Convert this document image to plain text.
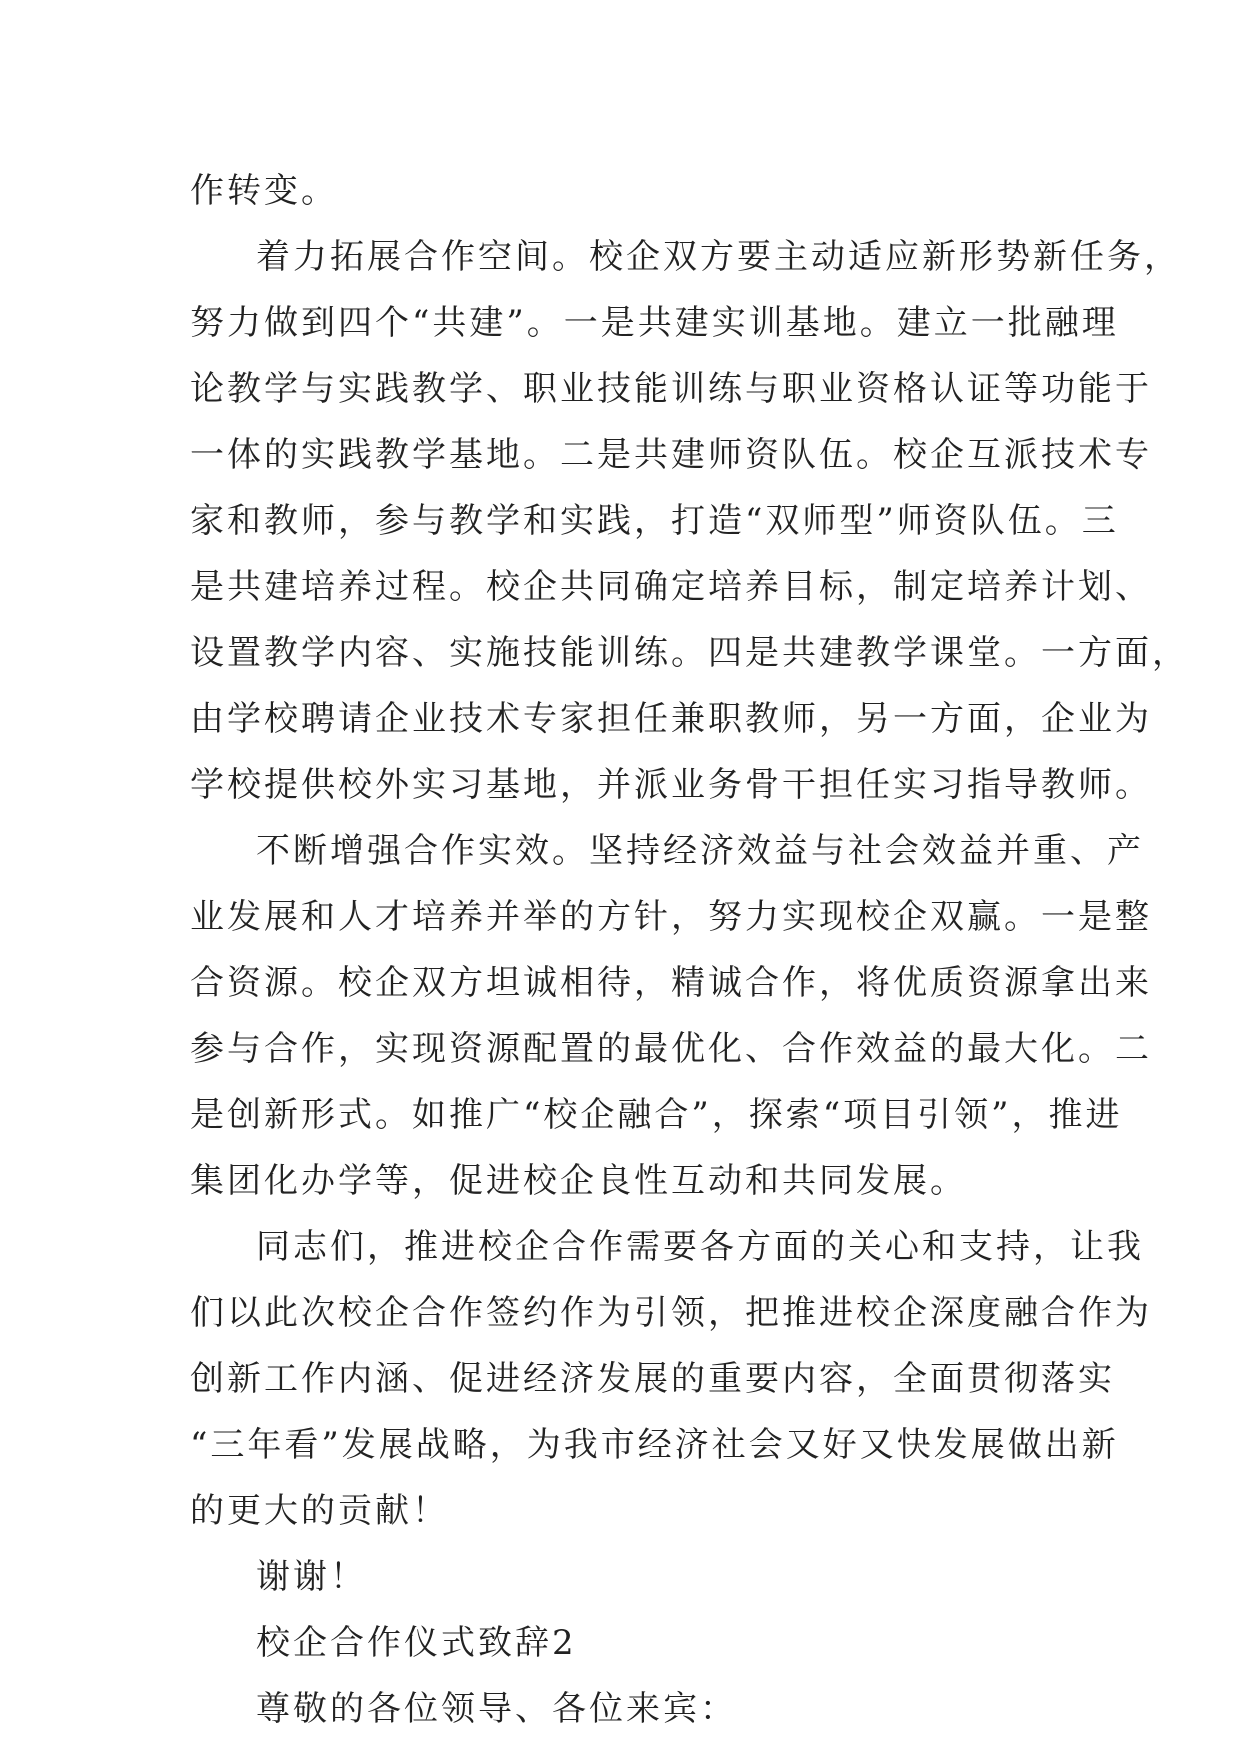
作转变。
着力拓展合作空间。校企双方要主动适应新形势新任务，
努力做到四个“共建”。一是共建实训基地。建立一批融理
论教学与实践教学、职业技能训练与职业资格认证等功能于
一体的实践教学基地。二是共建师资队伍。校企互派技术专
家和教师，参与教学和实践，打造“双师型”师资队伍。三
是共建培养过程。校企共同确定培养目标，制定培养计划、
设置教学内容、实施技能训练。四是共建教学课堂。一方面，
由学校聘请企业技术专家担任兼职教师，另一方面，企业为
学校提供校外实习基地，并派业务骨干担任实习指导教师。
不断增强合作实效。坚持经济效益与社会效益并重、产
业发展和人才培养并举的方针，努力实现校企双赢。一是整
合资源。校企双方坦诚相待，精诚合作，将优质资源拿出来
参与合作，实现资源配置的最优化、合作效益的最大化。二
是创新形式。如推广“校企融合”，探索“项目引领”，推进
集团化办学等，促进校企良性互动和共同发展。
同志们，推进校企合作需要各方面的关心和支持，让我
们以此次校企合作签约作为引领，把推进校企深度融合作为
创新工作内涵、促进经济发展的重要内容，全面贯彻落实
“三年看”发展战略，为我市经济社会又好又快发展做出新
的更大的贡献！
谢谢！
校企合作仪式致辞2
尊敬的各位领导、各位来宾：
